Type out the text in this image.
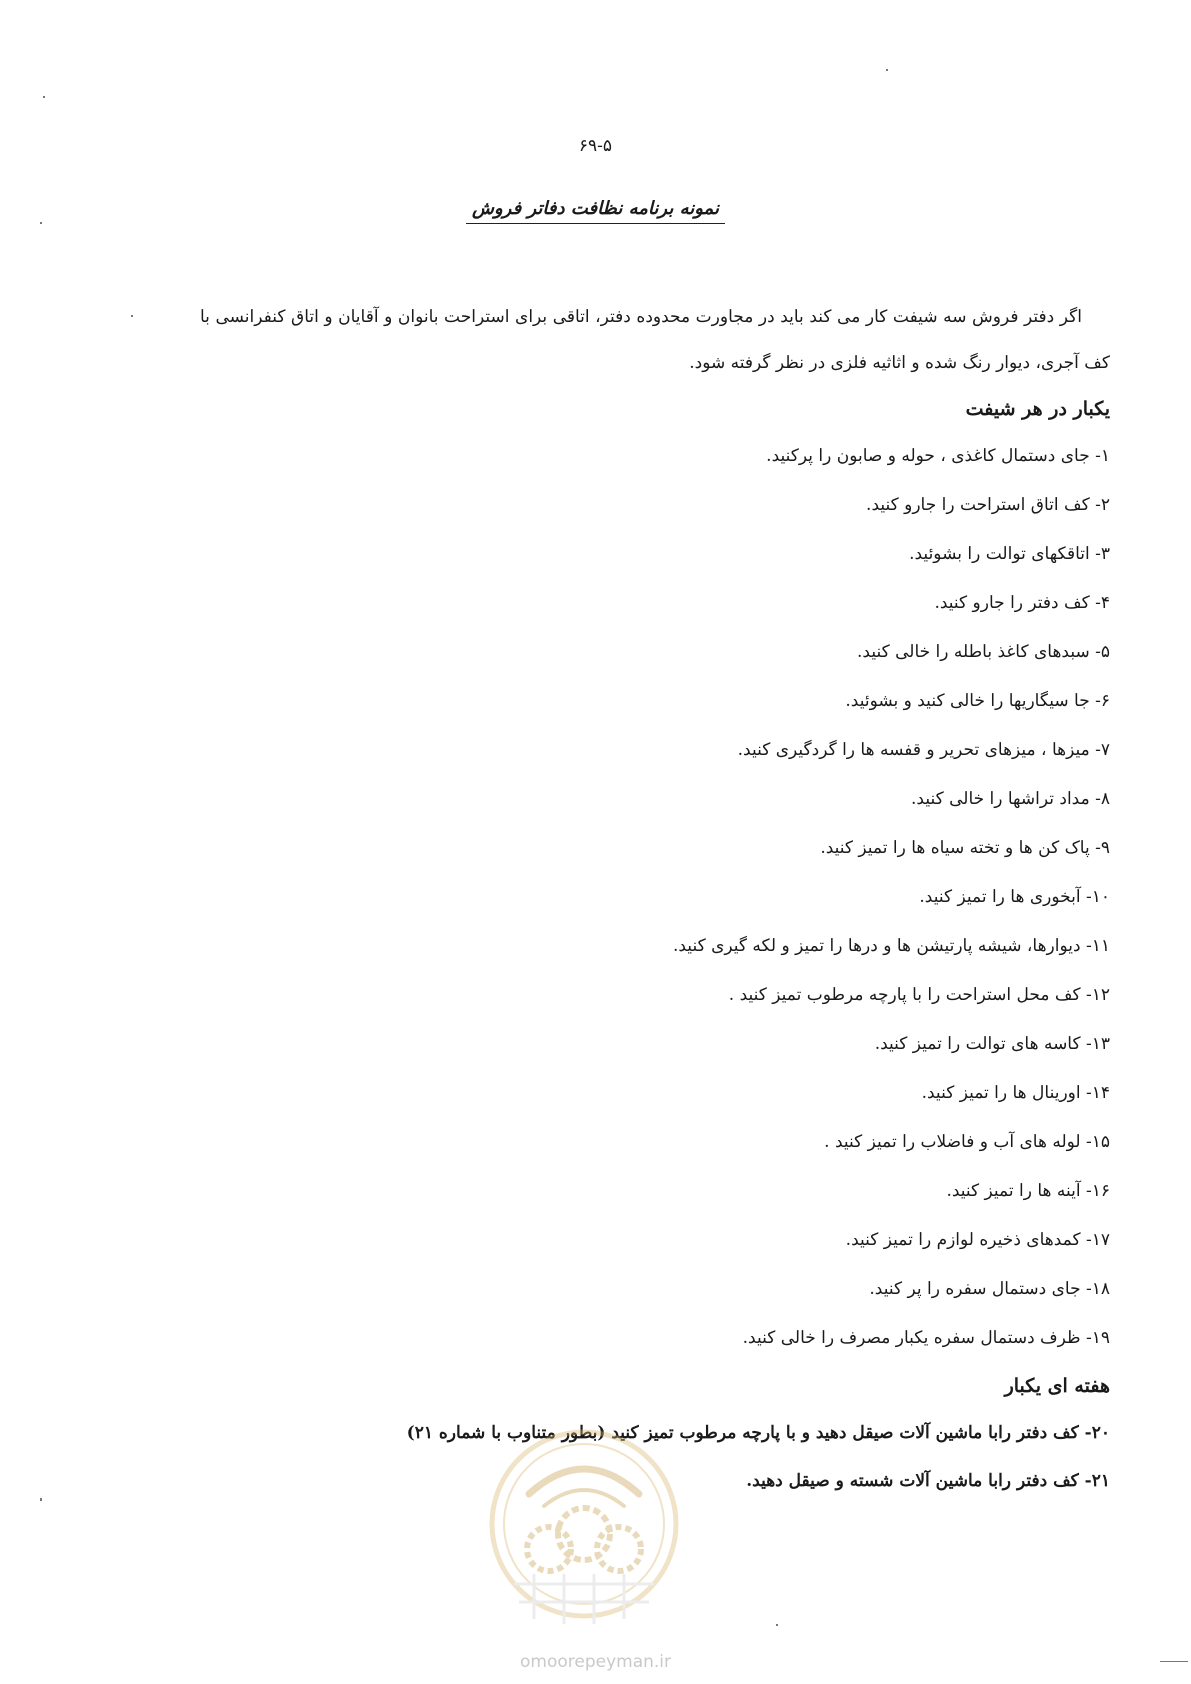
۶۹-۵
نمونه برنامه نظافت دفاتر فروش

اگر دفتر فروش سه شیفت کار می کند باید در مجاورت محدوده دفتر، اتاقی برای استراحت بانوان و آقایان و اتاق کنفرانسی با کف آجری، دیوار رنگ شده و اثاثیه فلزی در نظر گرفته شود.

یکبار در هر شیفت
۱- جای دستمال کاغذی ، حوله و صابون را پرکنید.
۲- کف اتاق استراحت را جارو کنید.
۳- اتاقکهای توالت را بشوئید.
۴- کف دفتر را جارو کنید.
۵- سبدهای کاغذ باطله را خالی کنید.
۶- جا سیگاریها را خالی کنید و بشوئید.
۷- میزها ، میزهای تحریر و قفسه ها را گردگیری کنید.
۸- مداد تراشها را خالی کنید.
۹- پاک کن ها و تخته سیاه ها را تمیز کنید.
۱۰- آبخوری ها را تمیز کنید.
۱۱- دیوارها، شیشه پارتیشن ها و درها را تمیز و لکه گیری کنید.
۱۲- کف محل استراحت را با پارچه مرطوب تمیز کنید .
۱۳- کاسه های توالت را تمیز کنید.
۱۴- اورینال ها را تمیز کنید.
۱۵- لوله های آب و فاضلاب را تمیز کنید .
۱۶- آینه ها را تمیز کنید.
۱۷- کمدهای ذخیره لوازم را تمیز کنید.
۱۸- جای دستمال سفره را پر کنید.
۱۹- ظرف دستمال سفره یکبار مصرف را خالی کنید.
هفته ای یکبار
۲۰- کف دفتر رابا ماشین آلات صیقل دهید و با پارچه مرطوب تمیز کنید (بطور متناوب با شماره ۲۱)
۲۱- کف دفتر رابا ماشین آلات شسته و صیقل دهید.
omoorepeyman.ir
